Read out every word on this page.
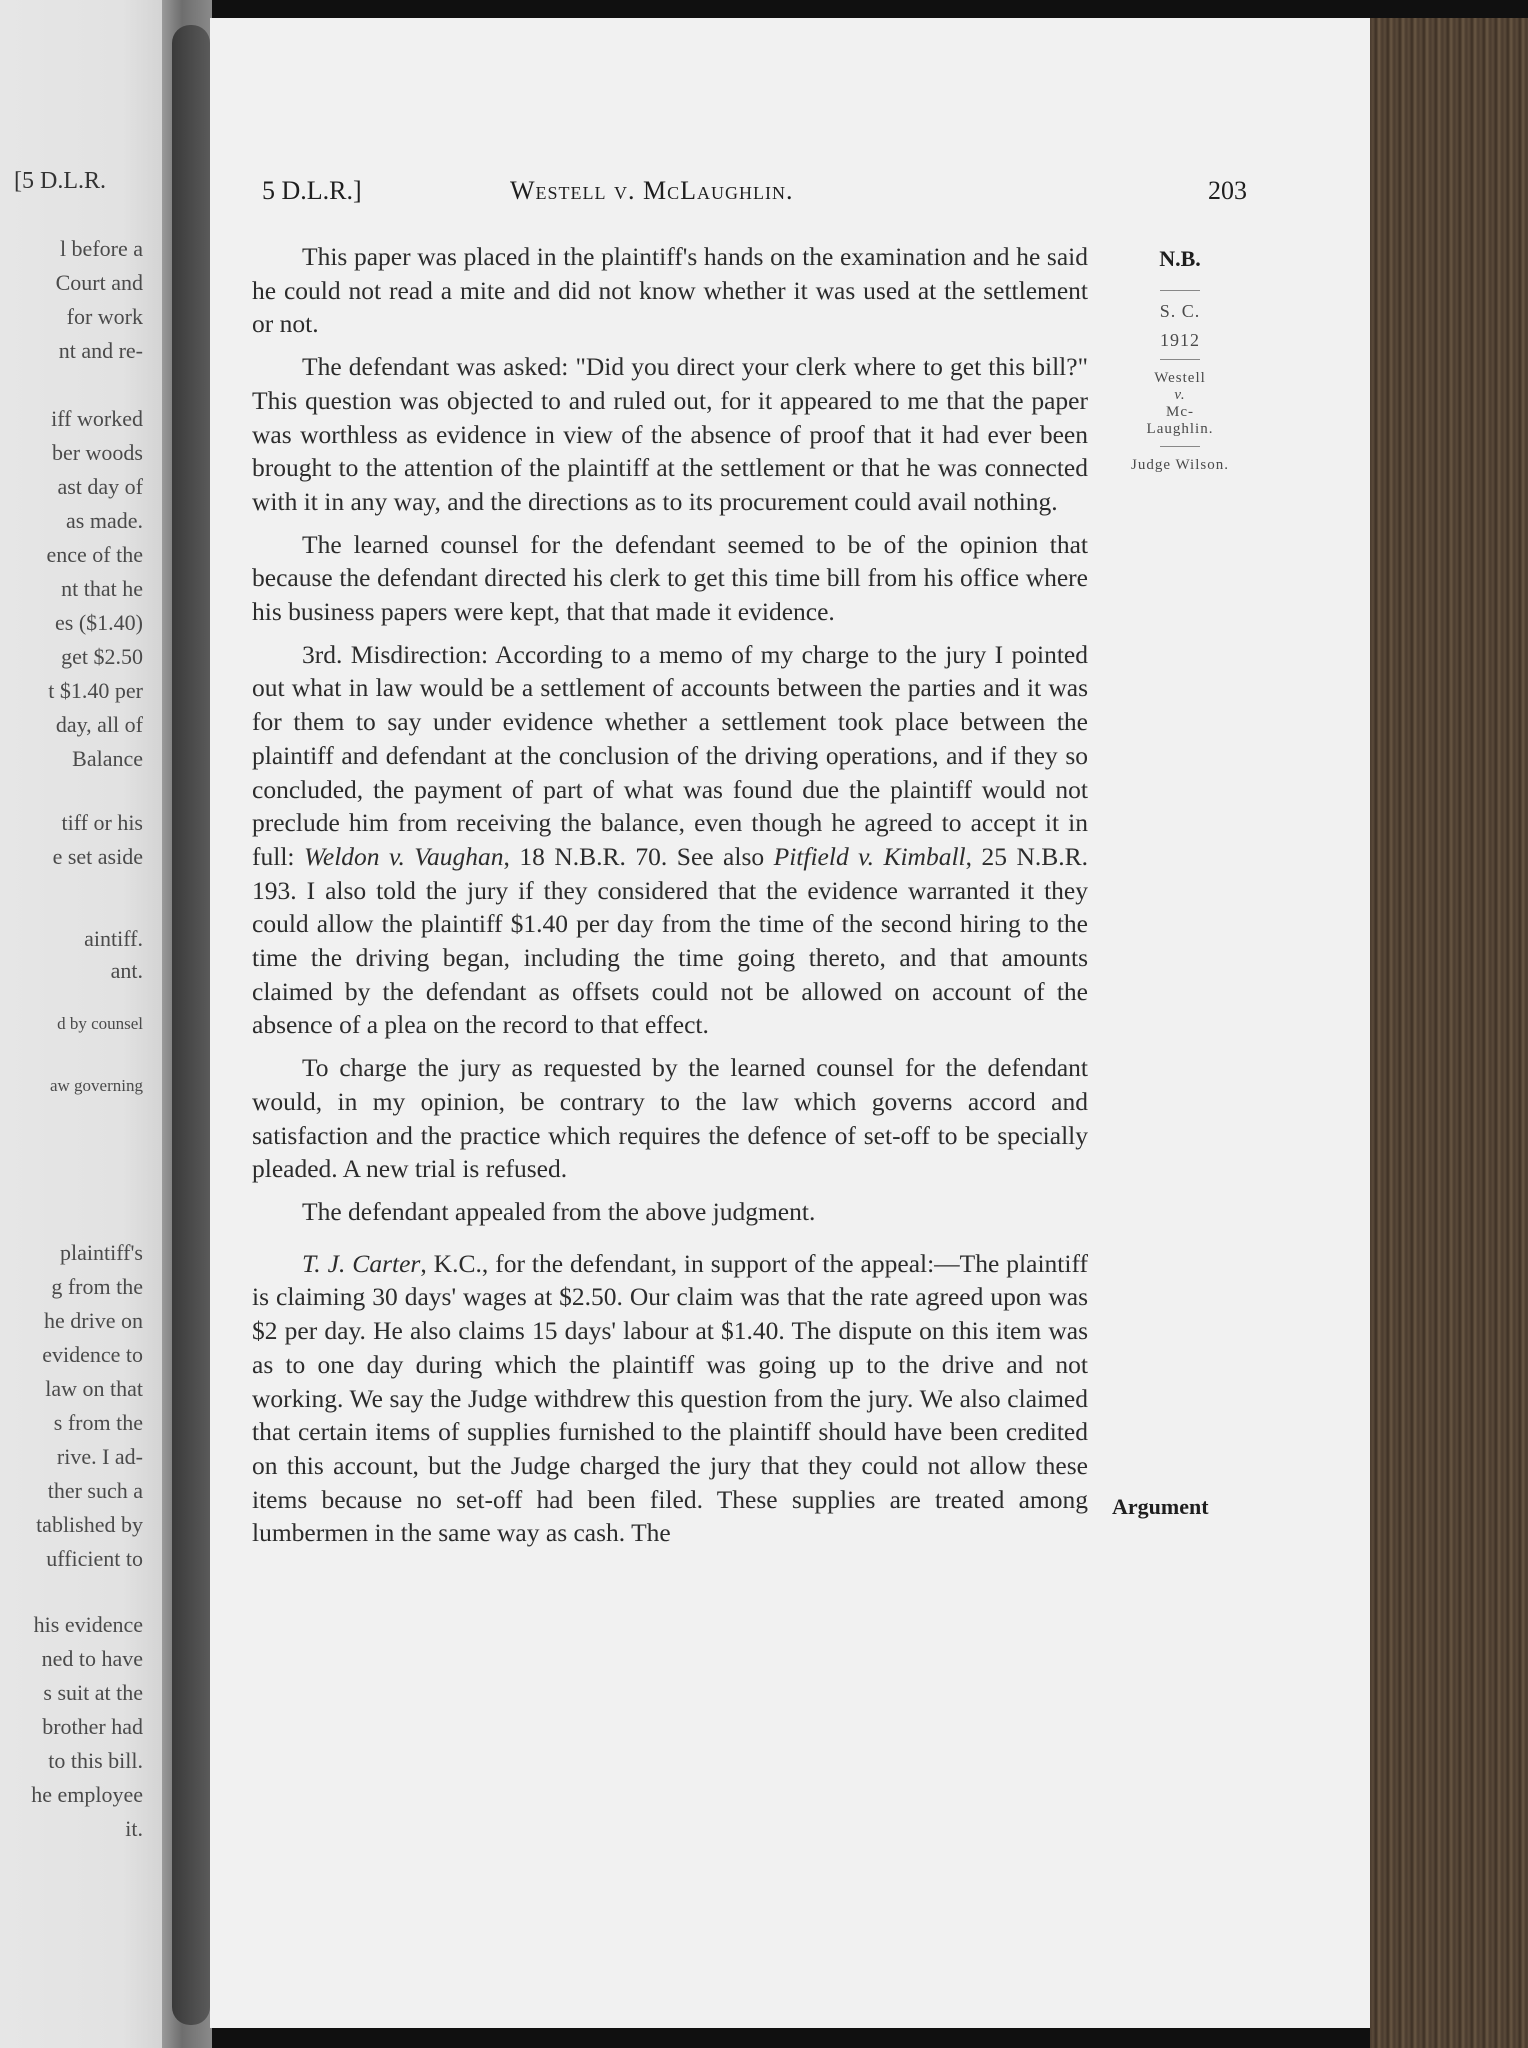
[5 D.L.R.
l before a
Court and
for work
nt and re-
iff worked
ber woods
ast day of
as made.
ence of the
nt that he
es ($1.40)
get $2.50
t $1.40 per
day, all of
Balance
tiff or his
e set aside
aintiff.
ant.
d by counsel
aw governing
plaintiff's
g from the
he drive on
evidence to
law on that
s from the
rive. I ad-
ther such a
tablished by
ufficient to
his evidence
ned to have
s suit at the
brother had
to this bill.
he employee
it.
5 D.L.R.]	Westell v. McLaughlin.	203
N.B.
S. C.
1912
Westell
v.
Mc-
Laughlin.
Judge Wilson.
Argument

This paper was placed in the plaintiff's hands on the examination and he said he could not read a mite and did not know whether it was used at the settlement or not.

The defendant was asked: "Did you direct your clerk where to get this bill?" This question was objected to and ruled out, for it appeared to me that the paper was worthless as evidence in view of the absence of proof that it had ever been brought to the attention of the plaintiff at the settlement or that he was connected with it in any way, and the directions as to its procurement could avail nothing.

The learned counsel for the defendant seemed to be of the opinion that because the defendant directed his clerk to get this time bill from his office where his business papers were kept, that that made it evidence.

3rd. Misdirection: According to a memo of my charge to the jury I pointed out what in law would be a settlement of accounts between the parties and it was for them to say under evidence whether a settlement took place between the plaintiff and defendant at the conclusion of the driving operations, and if they so concluded, the payment of part of what was found due the plaintiff would not preclude him from receiving the balance, even though he agreed to accept it in full: Weldon v. Vaughan, 18 N.B.R. 70. See also Pitfield v. Kimball, 25 N.B.R. 193. I also told the jury if they considered that the evidence warranted it they could allow the plaintiff $1.40 per day from the time of the second hiring to the time the driving began, including the time going thereto, and that amounts claimed by the defendant as offsets could not be allowed on account of the absence of a plea on the record to that effect.

To charge the jury as requested by the learned counsel for the defendant would, in my opinion, be contrary to the law which governs accord and satisfaction and the practice which requires the defence of set-off to be specially pleaded. A new trial is refused.

The defendant appealed from the above judgment.

T. J. Carter, K.C., for the defendant, in support of the appeal:—The plaintiff is claiming 30 days' wages at $2.50. Our claim was that the rate agreed upon was $2 per day. He also claims 15 days' labour at $1.40. The dispute on this item was as to one day during which the plaintiff was going up to the drive and not working. We say the Judge withdrew this question from the jury. We also claimed that certain items of supplies furnished to the plaintiff should have been credited on this account, but the Judge charged the jury that they could not allow these items because no set-off had been filed. These supplies are treated among lumbermen in the same way as cash. The
